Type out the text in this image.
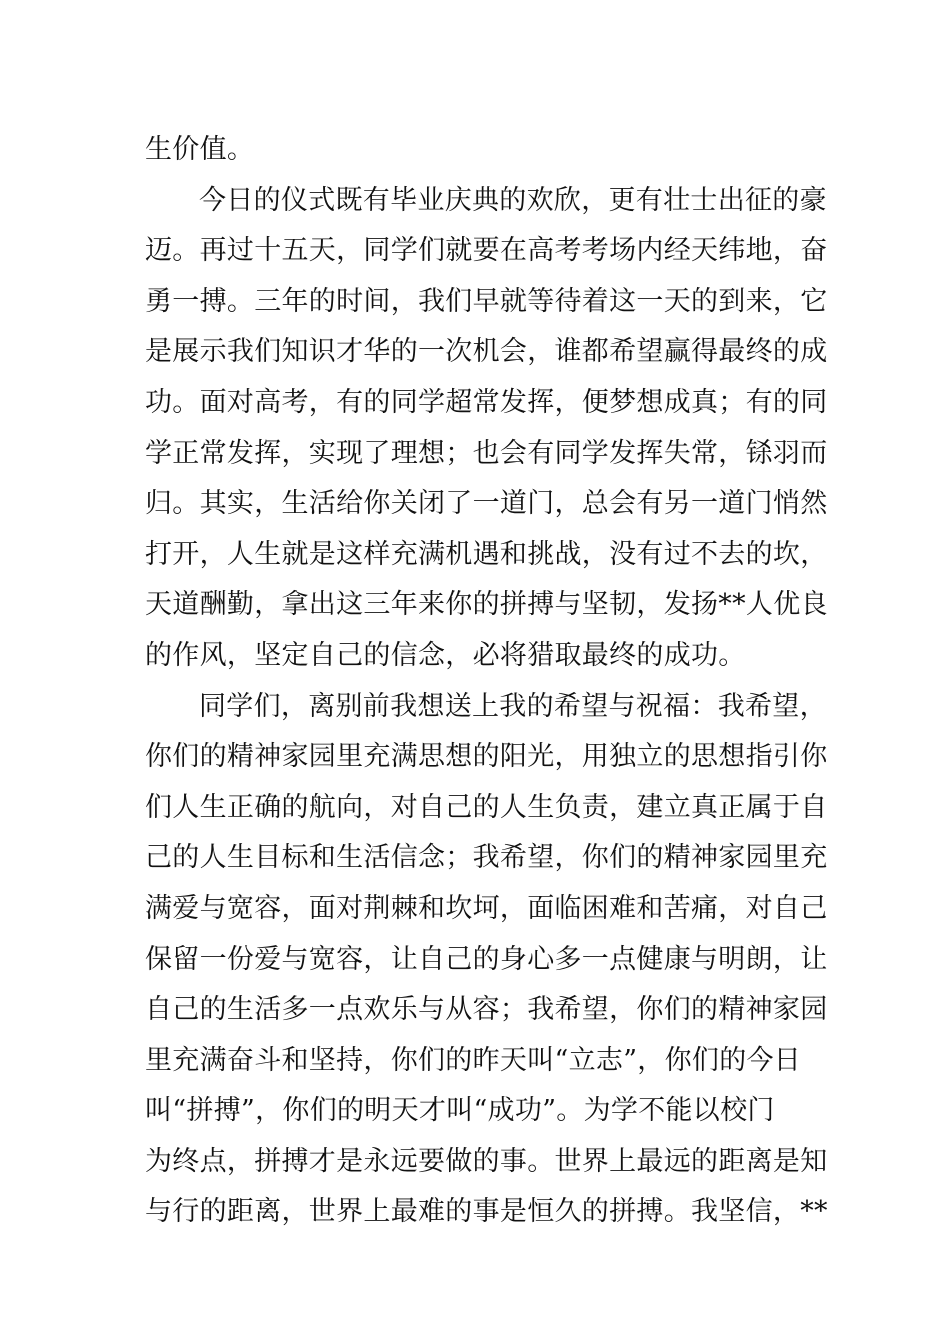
生价值。
今日的仪式既有毕业庆典的欢欣，更有壮士出征的豪
迈。再过十五天，同学们就要在高考考场内经天纬地，奋
勇一搏。三年的时间，我们早就等待着这一天的到来，它
是展示我们知识才华的一次机会，谁都希望赢得最终的成
功。面对高考，有的同学超常发挥，便梦想成真；有的同
学正常发挥，实现了理想；也会有同学发挥失常，铩羽而
归。其实，生活给你关闭了一道门，总会有另一道门悄然
打开，人生就是这样充满机遇和挑战，没有过不去的坎，
天道酬勤，拿出这三年来你的拼搏与坚韧，发扬**人优良
的作风，坚定自己的信念，必将猎取最终的成功。
同学们，离别前我想送上我的希望与祝福：我希望，
你们的精神家园里充满思想的阳光，用独立的思想指引你
们人生正确的航向，对自己的人生负责，建立真正属于自
己的人生目标和生活信念；我希望，你们的精神家园里充
满爱与宽容，面对荆棘和坎坷，面临困难和苦痛，对自己
保留一份爱与宽容，让自己的身心多一点健康与明朗，让
自己的生活多一点欢乐与从容；我希望，你们的精神家园
里充满奋斗和坚持，你们的昨天叫“立志”，你们的今日
叫“拼搏”，你们的明天才叫“成功”。为学不能以校门
为终点，拼搏才是永远要做的事。世界上最远的距离是知
与行的距离，世界上最难的事是恒久的拼搏。我坚信，**
